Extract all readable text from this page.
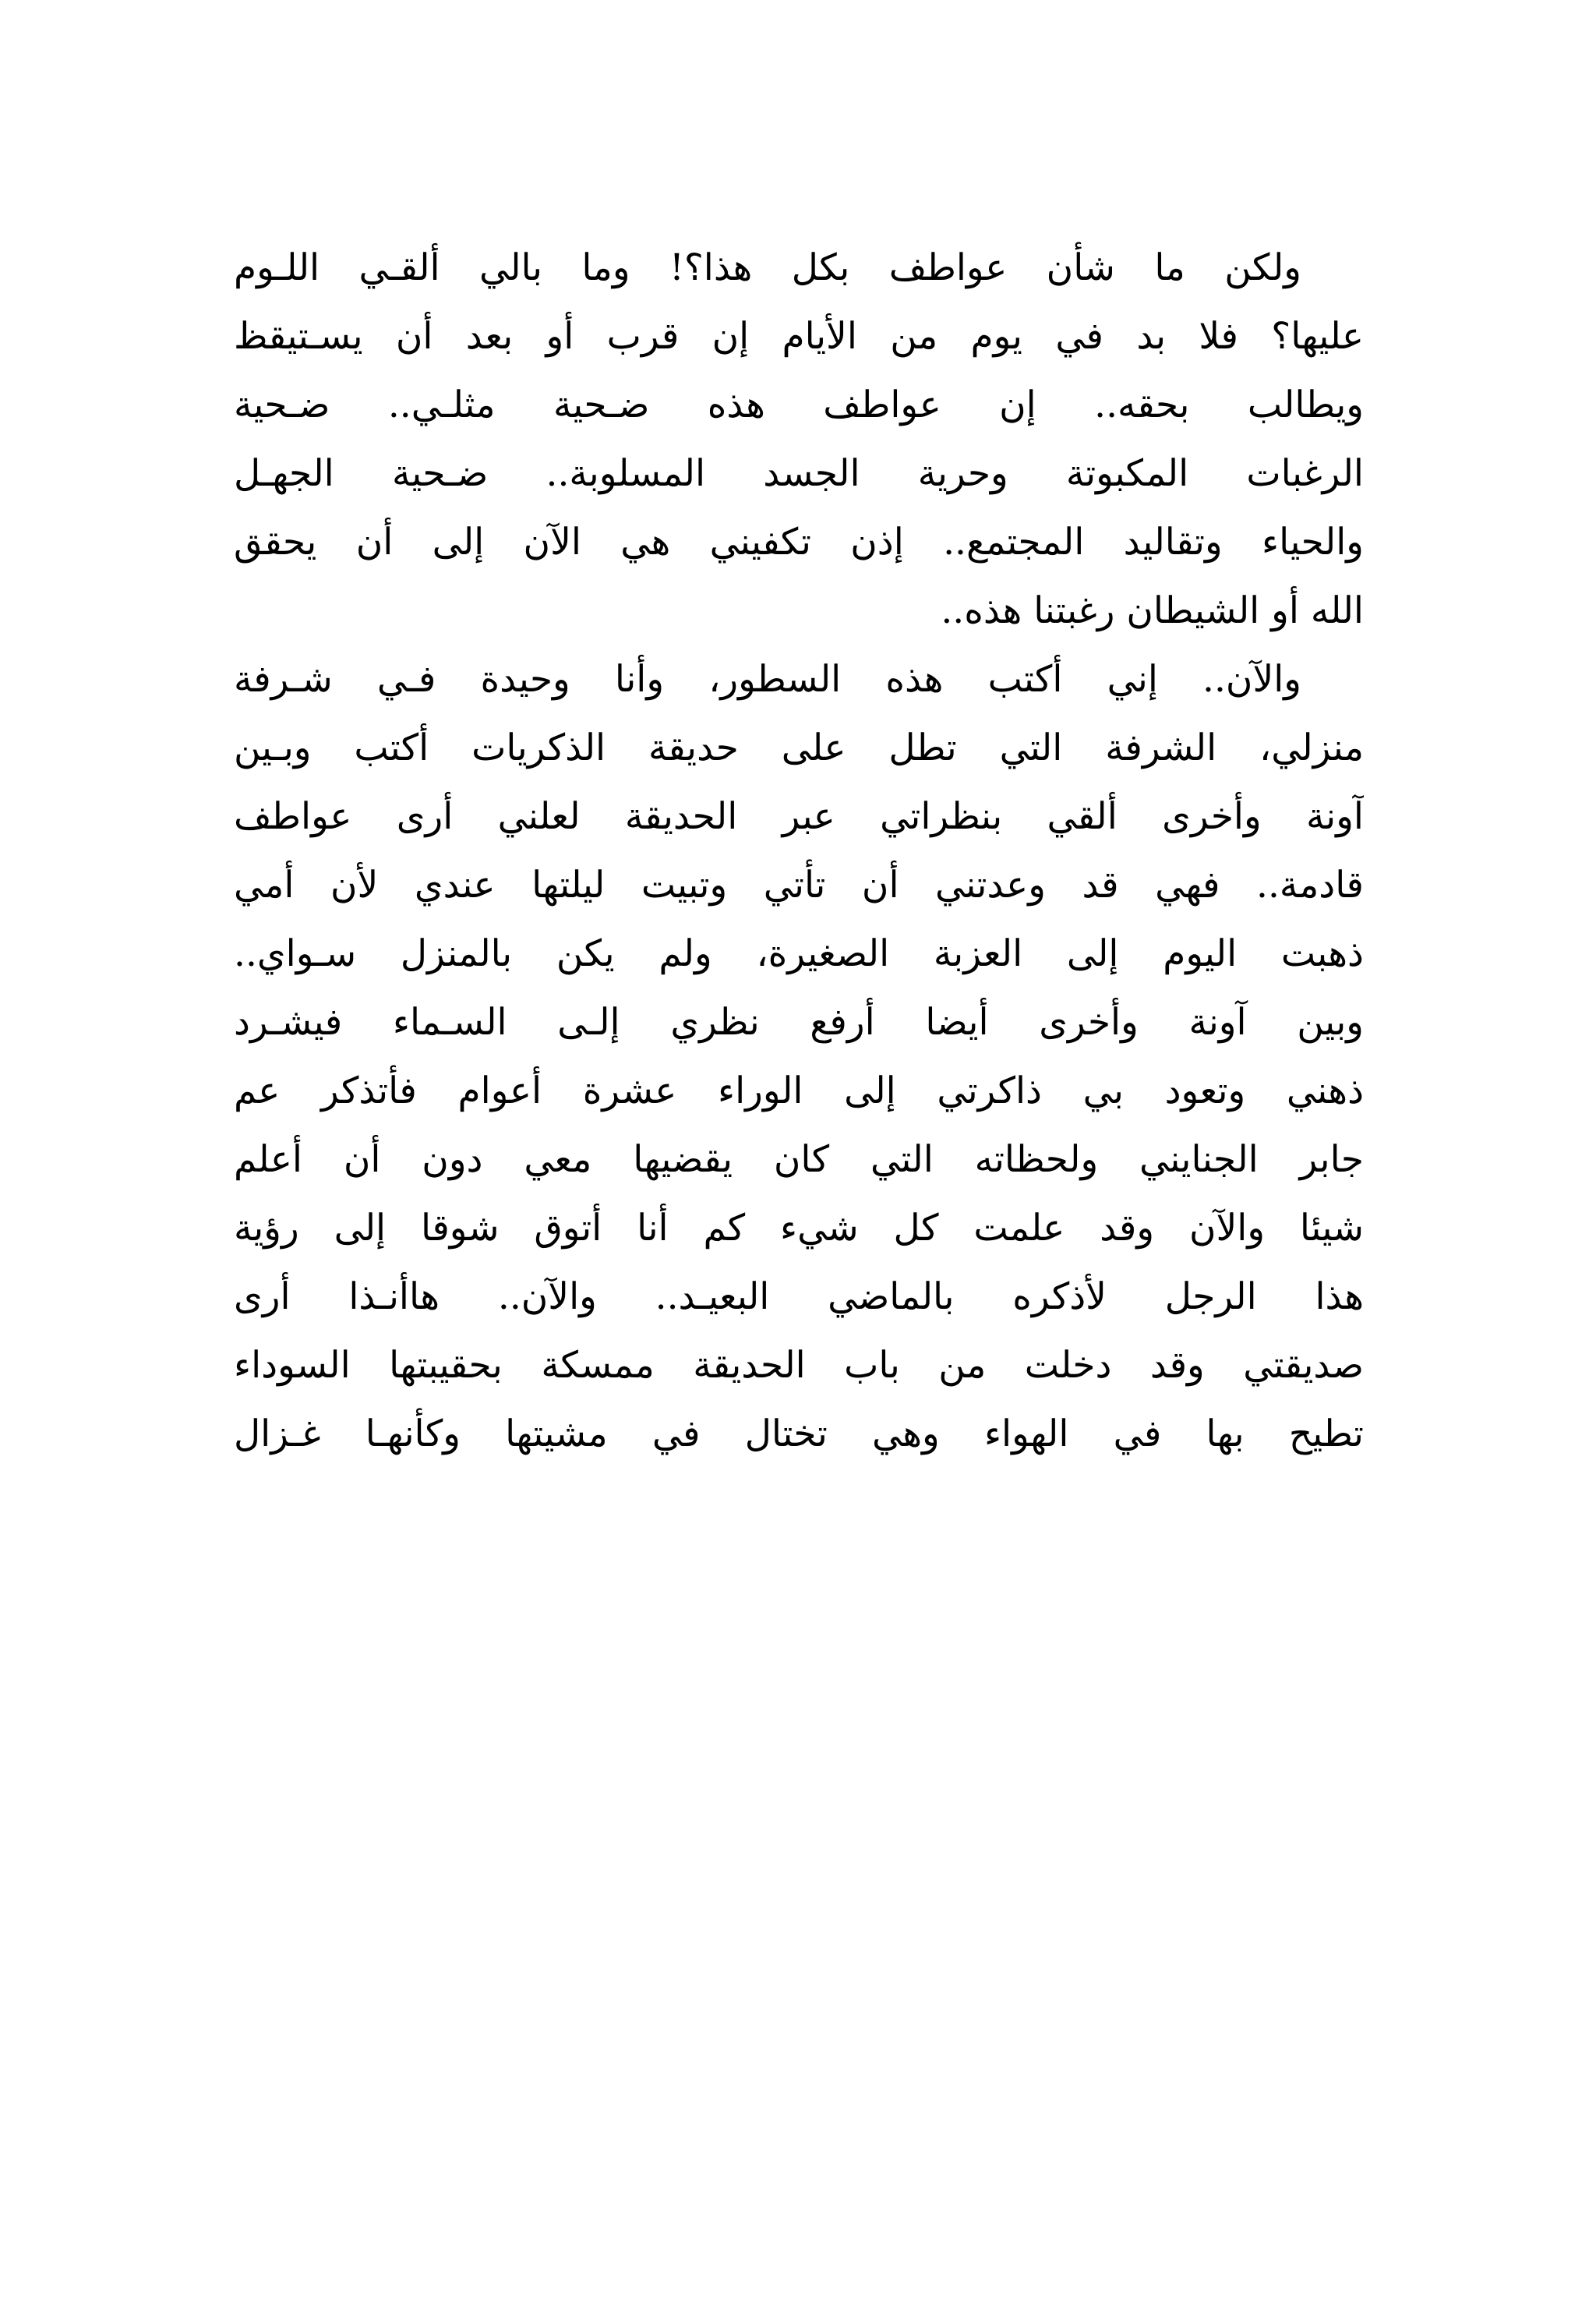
ولكن ما شأن عواطف بكل هذا؟! وما بالي ألقـي اللـوم
عليها؟ فلا بد في يوم من الأيام إن قرب أو بعد أن يسـتيقظ
ويطالب بحقه.. إن عواطف هذه ضـحية مثلـي.. ضـحية
الرغبات المكبوتة وحرية الجسد المسلوبة.. ضـحية الجهـل
والحياء وتقاليد المجتمع.. إذن تكفيني هي الآن إلى أن يحقق
الله أو الشيطان رغبتنا هذه..
والآن.. إني أكتب هذه السطور، وأنا وحيدة فـي شـرفة
منزلي، الشرفة التي تطل على حديقة الذكريات أكتب وبـين
آونة وأخرى ألقي بنظراتي عبر الحديقة لعلني أرى عواطف
قادمة.. فهي قد وعدتني أن تأتي وتبيت ليلتها عندي لأن أمي
ذهبت اليوم إلى العزبة الصغيرة، ولم يكن بالمنزل سـواي..
وبين آونة وأخرى أيضا أرفع نظري إلـى السـماء فيشـرد
ذهني وتعود بي ذاكرتي إلى الوراء عشرة أعوام فأتذكر عم
جابر الجنايني ولحظاته التي كان يقضيها معي دون أن أعلم
شيئا والآن وقد علمت كل شيء كم أنا أتوق شوقا إلى رؤية
هذا الرجل لأذكره بالماضي البعيـد.. والآن.. هاأنـذا أرى
صديقتي وقد دخلت من باب الحديقة ممسكة بحقيبتها السوداء
تطيح بها في الهواء وهي تختال في مشيتها وكأنهـا غـزال
